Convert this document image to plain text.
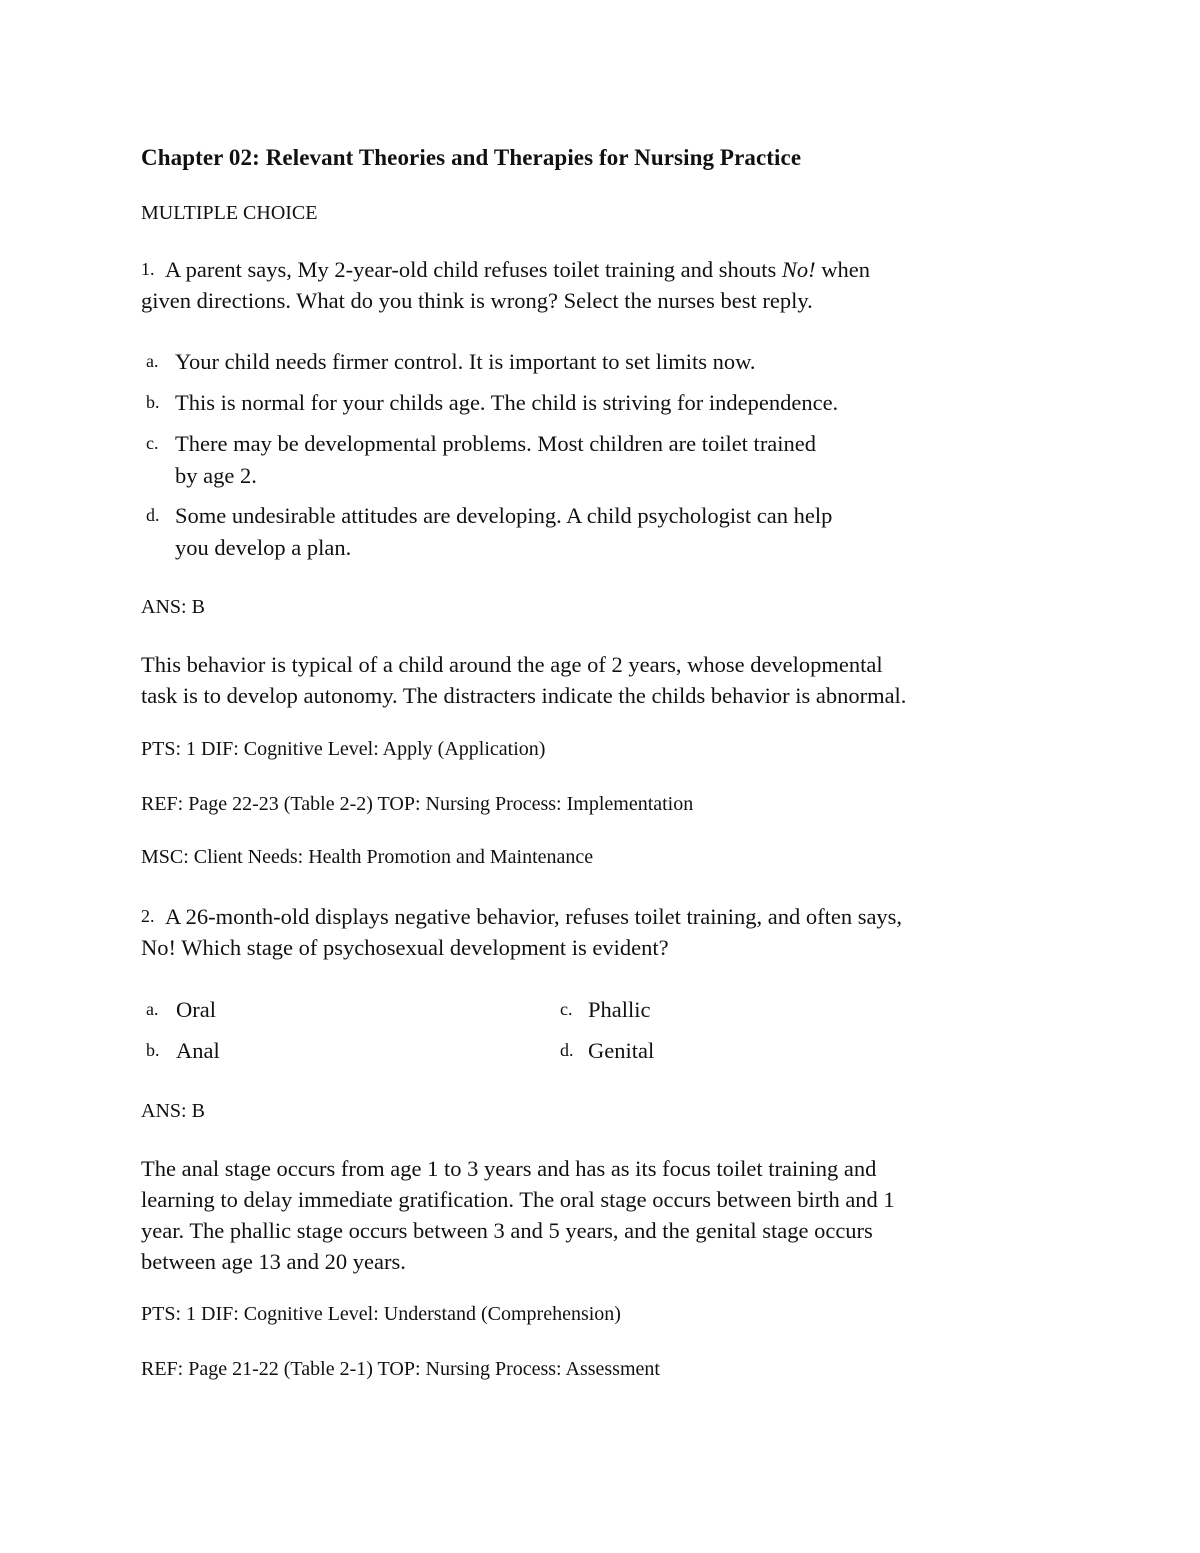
Chapter 02: Relevant Theories and Therapies for Nursing Practice
MULTIPLE CHOICE
1. A parent says, My 2-year-old child refuses toilet training and shouts No! when
given directions. What do you think is wrong? Select the nurses best reply.
a. Your child needs firmer control. It is important to set limits now.
b. This is normal for your childs age. The child is striving for independence.
c. There may be developmental problems. Most children are toilet trained
by age 2.
d. Some undesirable attitudes are developing. A child psychologist can help
you develop a plan.
ANS: B
This behavior is typical of a child around the age of 2 years, whose developmental
task is to develop autonomy. The distracters indicate the childs behavior is abnormal.
PTS: 1 DIF: Cognitive Level: Apply (Application)
REF: Page 22-23 (Table 2-2) TOP: Nursing Process: Implementation
MSC: Client Needs: Health Promotion and Maintenance
2. A 26-month-old displays negative behavior, refuses toilet training, and often says,
No! Which stage of psychosexual development is evident?
a. Oral
b. Anal
c. Phallic
d. Genital
ANS: B
The anal stage occurs from age 1 to 3 years and has as its focus toilet training and
learning to delay immediate gratification. The oral stage occurs between birth and 1
year. The phallic stage occurs between 3 and 5 years, and the genital stage occurs
between age 13 and 20 years.
PTS: 1 DIF: Cognitive Level: Understand (Comprehension)
REF: Page 21-22 (Table 2-1) TOP: Nursing Process: Assessment
